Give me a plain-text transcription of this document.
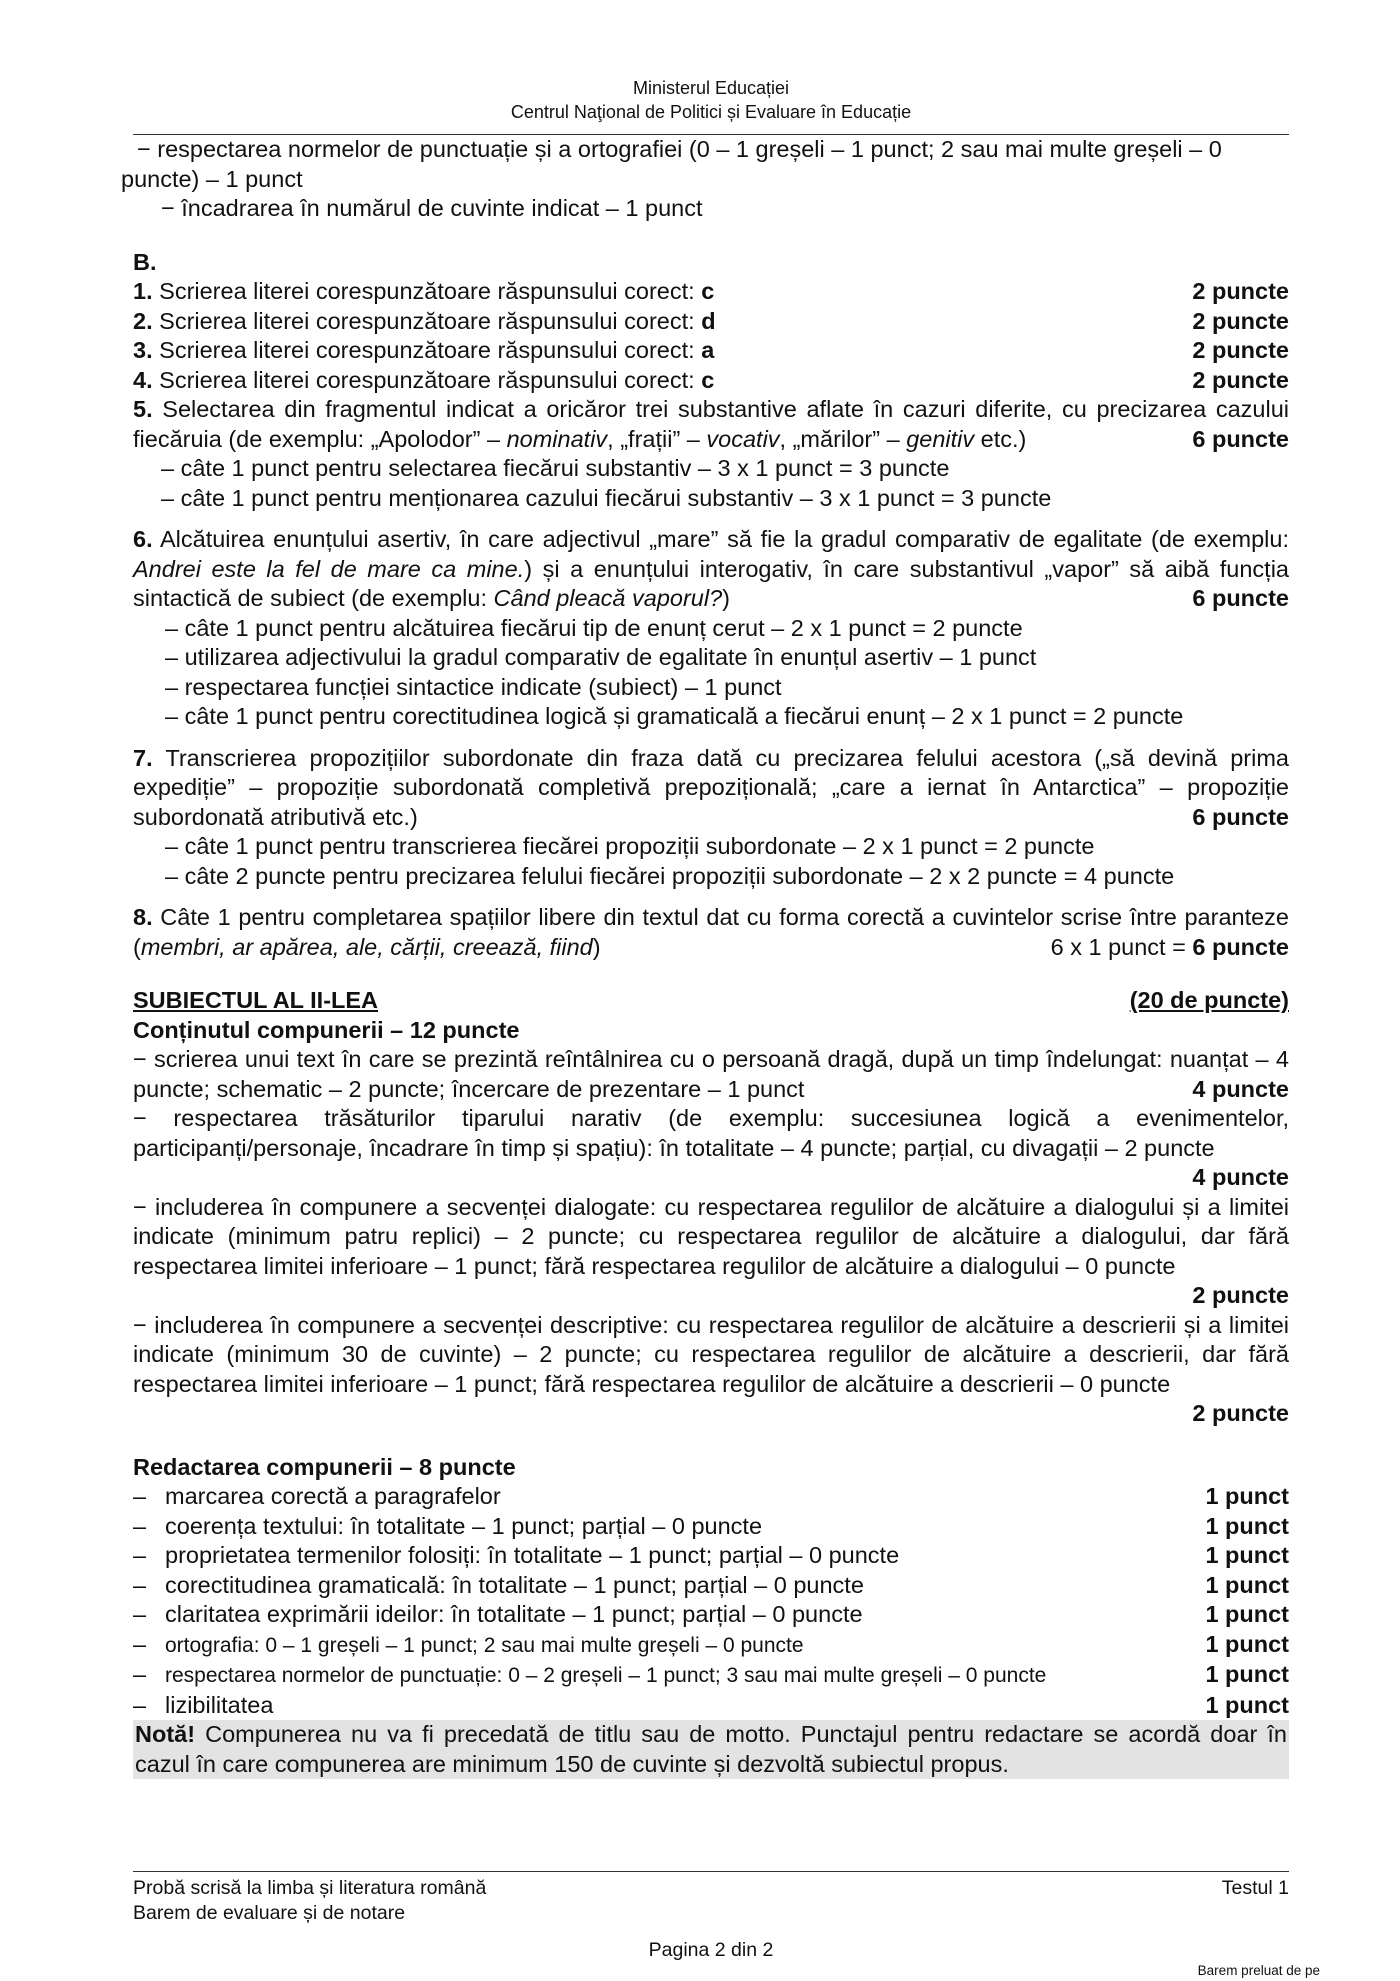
Ministerul Educației
Centrul Naţional de Politici și Evaluare în Educație
− respectarea normelor de punctuație și a ortografiei (0 – 1 greșeli – 1 punct; 2 sau mai multe greșeli – 0 puncte) – 1 punct
− încadrarea în numărul de cuvinte indicat – 1 punct
B.
1. Scrierea literei corespunzătoare răspunsului corect: c	2 puncte
2. Scrierea literei corespunzătoare răspunsului corect: d	2 puncte
3. Scrierea literei corespunzătoare răspunsului corect: a	2 puncte
4. Scrierea literei corespunzătoare răspunsului corect: c	2 puncte
5. Selectarea din fragmentul indicat a oricăror trei substantive aflate în cazuri diferite, cu precizarea cazului fiecăruia (de exemplu: „Apolodor” – nominativ, „frații” – vocativ, „mărilor” – genitiv etc.)	6 puncte
– câte 1 punct pentru selectarea fiecărui substantiv – 3 x 1 punct = 3 puncte
– câte 1 punct pentru menționarea cazului fiecărui substantiv – 3 x 1 punct = 3 puncte
6. Alcătuirea enunțului asertiv, în care adjectivul „mare” să fie la gradul comparativ de egalitate (de exemplu: Andrei este la fel de mare ca mine.) și a enunțului interogativ, în care substantivul „vapor” să aibă funcția sintactică de subiect (de exemplu: Când pleacă vaporul?)	6 puncte
– câte 1 punct pentru alcătuirea fiecărui tip de enunț cerut – 2 x 1 punct = 2 puncte
– utilizarea adjectivului la gradul comparativ de egalitate în enunțul asertiv – 1 punct
– respectarea funcției sintactice indicate (subiect) – 1 punct
– câte 1 punct pentru corectitudinea logică și gramaticală a fiecărui enunț – 2 x 1 punct = 2 puncte
7. Transcrierea propozițiilor subordonate din fraza dată cu precizarea felului acestora („să devină prima expediție” – propoziție subordonată completivă prepozițională; „care a iernat în Antarctica” – propoziție subordonată atributivă etc.)	6 puncte
– câte 1 punct pentru transcrierea fiecărei propoziții subordonate – 2 x 1 punct = 2 puncte
– câte 2 puncte pentru precizarea felului fiecărei propoziții subordonate – 2 x 2 puncte = 4 puncte
8. Câte 1 pentru completarea spațiilor libere din textul dat cu forma corectă a cuvintelor scrise între paranteze (membri, ar apărea, ale, cărții, creează, fiind)	6 x 1 punct = 6 puncte
SUBIECTUL AL II-LEA	(20 de puncte)
Conținutul compunerii – 12 puncte
− scrierea unui text în care se prezintă reîntâlnirea cu o persoană dragă, după un timp îndelungat: nuanțat – 4 puncte; schematic – 2 puncte; încercare de prezentare – 1 punct	4 puncte
− respectarea trăsăturilor tiparului narativ (de exemplu: succesiunea logică a evenimentelor, participanți/personaje, încadrare în timp și spațiu): în totalitate – 4 puncte; parțial, cu divagații – 2 puncte
4 puncte
− includerea în compunere a secvenței dialogate: cu respectarea regulilor de alcătuire a dialogului și a limitei indicate (minimum patru replici) – 2 puncte; cu respectarea regulilor de alcătuire a dialogului, dar fără respectarea limitei inferioare – 1 punct; fără respectarea regulilor de alcătuire a dialogului – 0 puncte
2 puncte
− includerea în compunere a secvenței descriptive: cu respectarea regulilor de alcătuire a descrierii și a limitei indicate (minimum 30 de cuvinte) – 2 puncte; cu respectarea regulilor de alcătuire a descrierii, dar fără respectarea limitei inferioare – 1 punct; fără respectarea regulilor de alcătuire a descrierii – 0 puncte
2 puncte
Redactarea compunerii – 8 puncte
– marcarea corectă a paragrafelor	1 punct
– coerența textului: în totalitate – 1 punct; parțial – 0 puncte	1 punct
– proprietatea termenilor folosiți: în totalitate – 1 punct; parțial – 0 puncte	1 punct
– corectitudinea gramaticală: în totalitate – 1 punct; parțial – 0 puncte	1 punct
– claritatea exprimării ideilor: în totalitate – 1 punct; parțial – 0 puncte	1 punct
– ortografia: 0 – 1 greșeli – 1 punct; 2 sau mai multe greșeli – 0 puncte	1 punct
– respectarea normelor de punctuație: 0 – 2 greșeli – 1 punct; 3 sau mai multe greșeli – 0 puncte	1 punct
– lizibilitatea	1 punct
Notă! Compunerea nu va fi precedată de titlu sau de motto. Punctajul pentru redactare se acordă doar în cazul în care compunerea are minimum 150 de cuvinte și dezvoltă subiectul propus.
Probă scrisă la limba și literatura română	Testul 1
Barem de evaluare și de notare
Pagina 2 din 2
Barem preluat de pe
